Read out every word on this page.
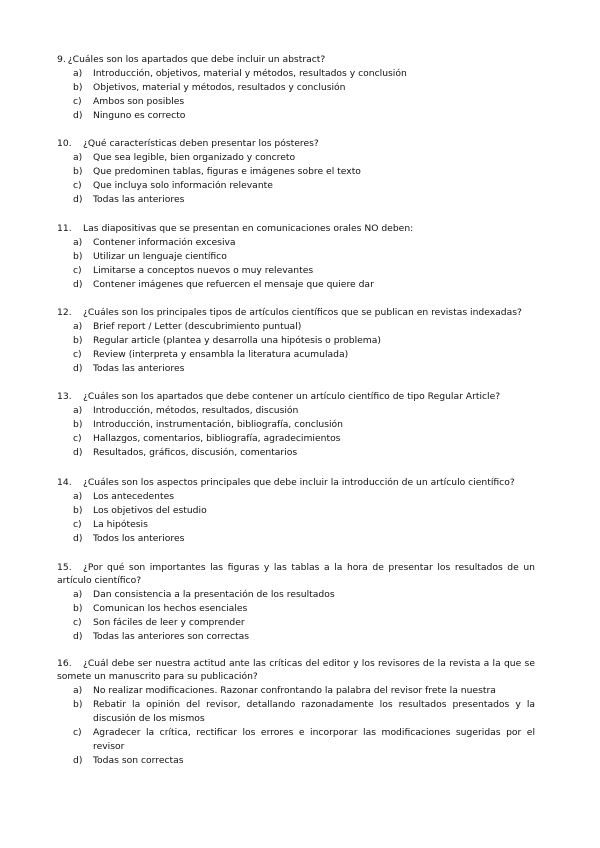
9. ¿Cuáles son los apartados que debe incluir un abstract?
a) Introducción, objetivos, material y métodos, resultados y conclusión
b) Objetivos, material y métodos, resultados y conclusión
c) Ambos son posibles
d) Ninguno es correcto
10. ¿Qué características deben presentar los pósteres?
a) Que sea legible, bien organizado y concreto
b) Que predominen tablas, figuras e imágenes sobre el texto
c) Que incluya solo información relevante
d) Todas las anteriores
11. Las diapositivas que se presentan en comunicaciones orales NO deben:
a) Contener información excesiva
b) Utilizar un lenguaje científico
c) Limitarse a conceptos nuevos o muy relevantes
d) Contener imágenes que refuercen el mensaje que quiere dar
12. ¿Cuáles son los principales tipos de artículos científicos que se publican en revistas indexadas?
a) Brief report / Letter (descubrimiento puntual)
b) Regular article (plantea y desarrolla una hipótesis o problema)
c) Review (interpreta y ensambla la literatura acumulada)
d) Todas las anteriores
13. ¿Cuáles son los apartados que debe contener un artículo científico de tipo Regular Article?
a) Introducción, métodos, resultados, discusión
b) Introducción, instrumentación, bibliografía, conclusión
c) Hallazgos, comentarios, bibliografía, agradecimientos
d) Resultados, gráficos, discusión, comentarios
14. ¿Cuáles son los aspectos principales que debe incluir la introducción de un artículo científico?
a) Los antecedentes
b) Los objetivos del estudio
c) La hipótesis
d) Todos los anteriores
15. ¿Por qué son importantes las figuras y las tablas a la hora de presentar los resultados de un artículo científico?
a) Dan consistencia a la presentación de los resultados
b) Comunican los hechos esenciales
c) Son fáciles de leer y comprender
d) Todas las anteriores son correctas
16. ¿Cuál debe ser nuestra actitud ante las críticas del editor y los revisores de la revista a la que se somete un manuscrito para su publicación?
a) No realizar modificaciones. Razonar confrontando la palabra del revisor frete la nuestra
b) Rebatir la opinión del revisor, detallando razonadamente los resultados presentados y la discusión de los mismos
c) Agradecer la crítica, rectificar los errores e incorporar las modificaciones sugeridas por el revisor
d) Todas son correctas
